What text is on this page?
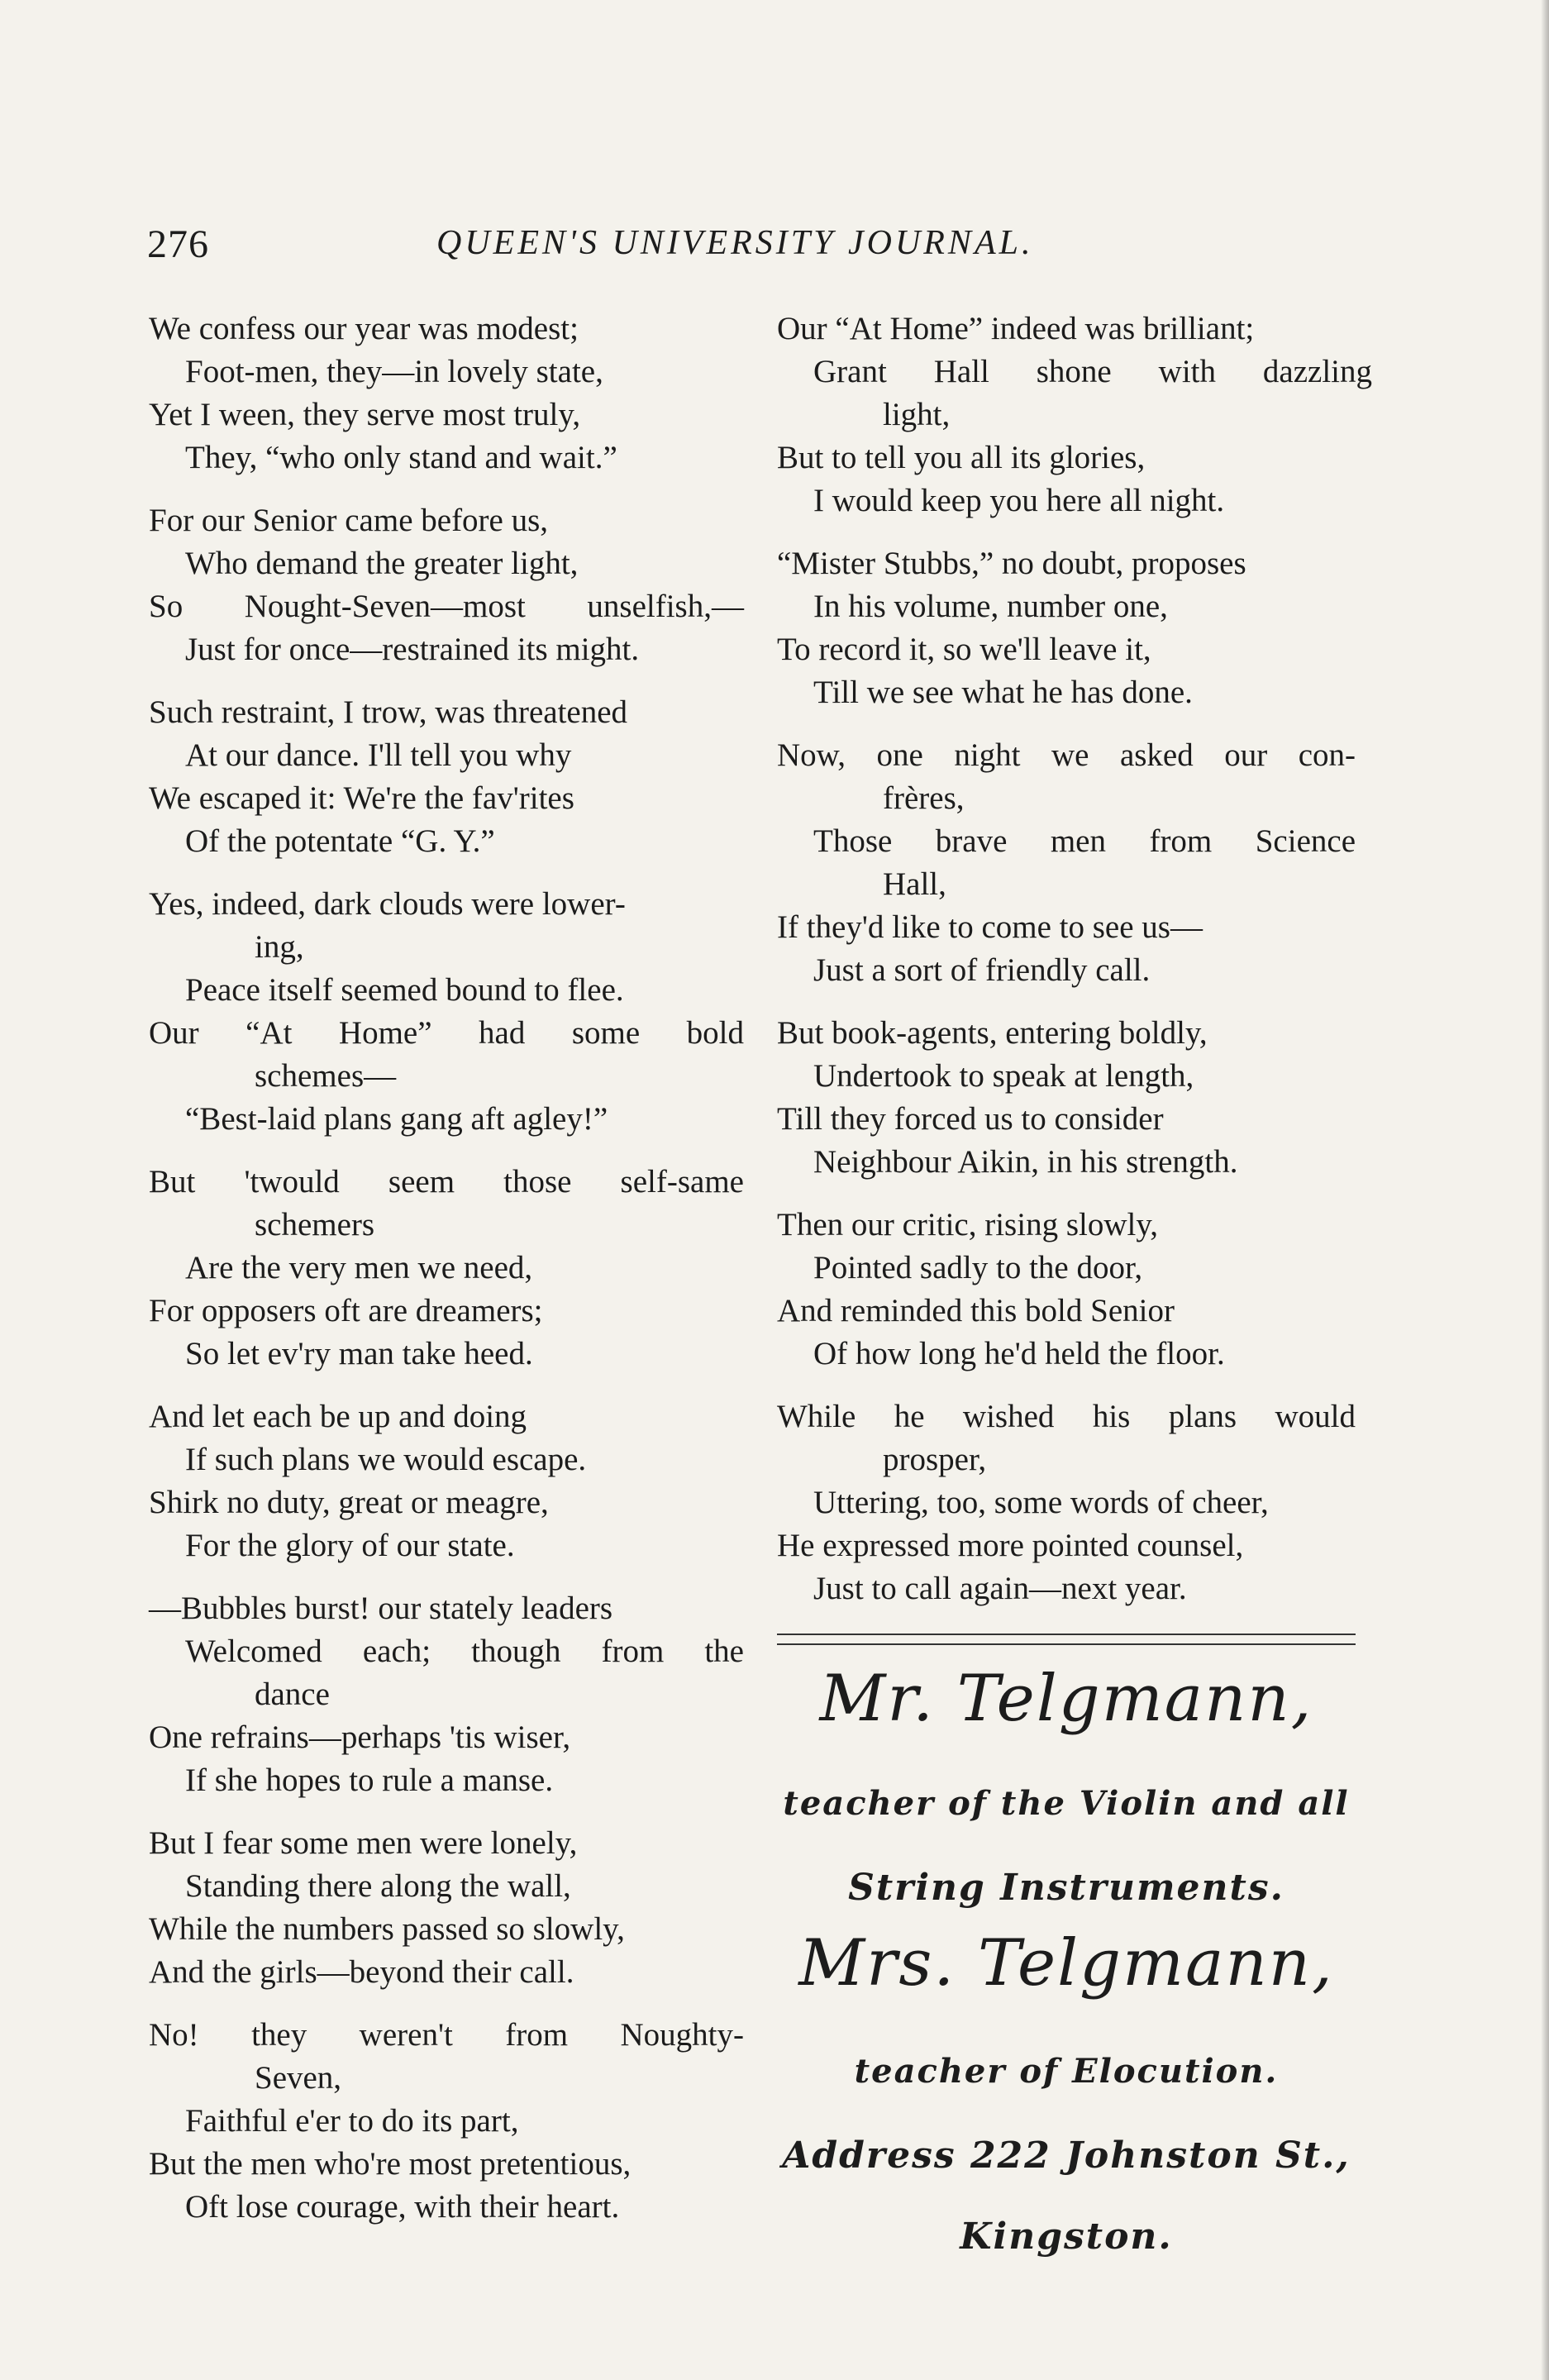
276	QUEEN'S UNIVERSITY JOURNAL.
We confess our year was modest;
Foot-men, they—in lovely state,
Yet I ween, they serve most truly,
They, “who only stand and wait.”
For our Senior came before us,
Who demand the greater light,
So Nought-Seven—most unselfish,—
Just for once—restrained its might.
Such restraint, I trow, was threatened
At our dance. I'll tell you why
We escaped it: We're the fav'rites
Of the potentate “G. Y.”
Yes, indeed, dark clouds were lower-
ing,
Peace itself seemed bound to flee.
Our “At Home” had some bold
schemes—
“Best-laid plans gang aft agley!”
But 'twould seem those self-same
schemers
Are the very men we need,
For opposers oft are dreamers;
So let ev'ry man take heed.
And let each be up and doing
If such plans we would escape.
Shirk no duty, great or meagre,
For the glory of our state.
—Bubbles burst! our stately leaders
Welcomed each; though from the
dance
One refrains—perhaps 'tis wiser,
If she hopes to rule a manse.
But I fear some men were lonely,
Standing there along the wall,
While the numbers passed so slowly,
And the girls—beyond their call.
No! they weren't from Noughty-
Seven,
Faithful e'er to do its part,
But the men who're most pretentious,
Oft lose courage, with their heart.
Our “At Home” indeed was brilliant;
Grant Hall shone with dazzling
light,
But to tell you all its glories,
I would keep you here all night.
“Mister Stubbs,” no doubt, proposes
In his volume, number one,
To record it, so we'll leave it,
Till we see what he has done.
Now, one night we asked our con-
frères,
Those brave men from Science
Hall,
If they'd like to come to see us—
Just a sort of friendly call.
But book-agents, entering boldly,
Undertook to speak at length,
Till they forced us to consider
Neighbour Aikin, in his strength.
Then our critic, rising slowly,
Pointed sadly to the door,
And reminded this bold Senior
Of how long he'd held the floor.
While he wished his plans would
prosper,
Uttering, too, some words of cheer,
He expressed more pointed counsel,
Just to call again—next year.
Mr. Telgmann,
teacher of the Violin and all
String Instruments.
Mrs. Telgmann,
teacher of Elocution.
Address 222 Johnston St.,
Kingston.
